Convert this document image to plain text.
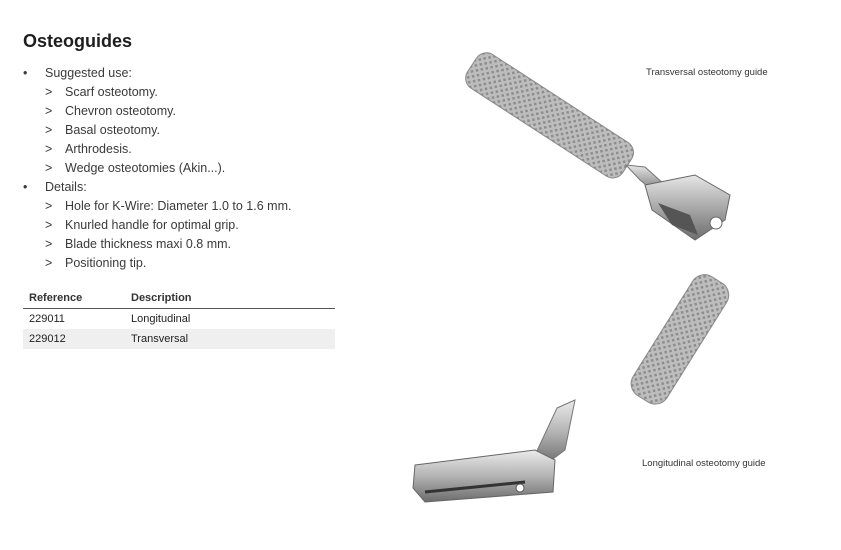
Osteoguides
• Suggested use:
> Scarf osteotomy.
> Chevron osteotomy.
> Basal osteotomy.
> Arthrodesis.
> Wedge osteotomies (Akin...).
• Details:
> Hole for K-Wire: Diameter 1.0 to 1.6 mm.
> Knurled handle for optimal grip.
> Blade thickness maxi 0.8 mm.
> Positioning tip.
Reference	Description
229011	Longitudinal
229012	Transversal
Transversal osteotomy guide
Longitudinal osteotomy guide
